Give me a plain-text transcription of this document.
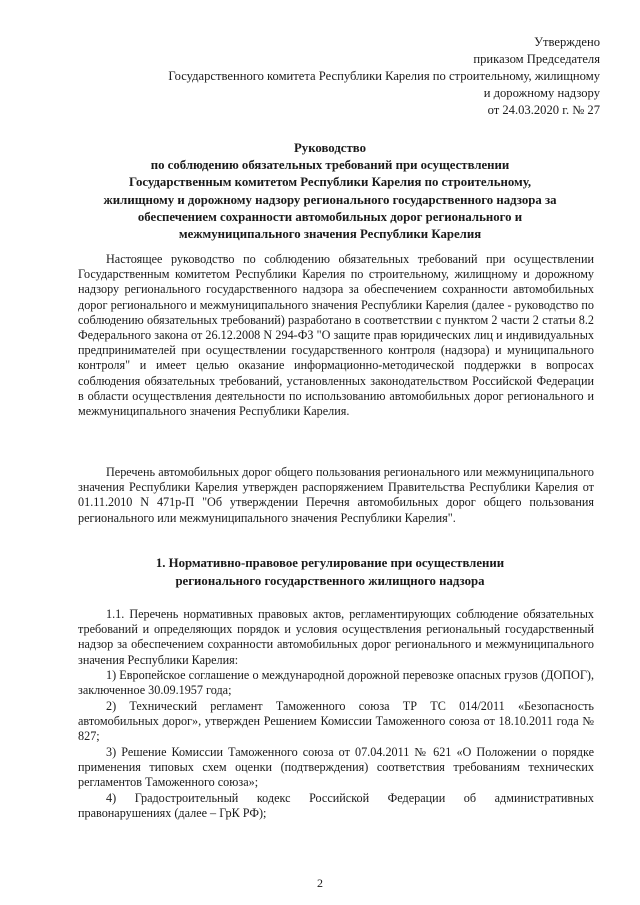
Утверждено
приказом Председателя
Государственного комитета Республики Карелия по строительному, жилищному
и дорожному надзору
от 24.03.2020 г. № 27
Руководство
по соблюдению обязательных требований при осуществлении
Государственным комитетом Республики Карелия по строительному,
жилищному и дорожному надзору регионального государственного надзора за
обеспечением сохранности автомобильных дорог регионального и
межмуниципального значения Республики Карелия

Настоящее руководство по соблюдению обязательных требований при осуществлении Государственным комитетом Республики Карелия по строительному, жилищному и дорожному надзору регионального государственного надзора за обеспечением сохранности автомобильных дорог регионального и межмуниципального значения Республики Карелия (далее - руководство по соблюдению обязательных требований) разработано в соответствии с пунктом 2 части 2 статьи 8.2 Федерального закона от 26.12.2008 N 294-ФЗ "О защите прав юридических лиц и индивидуальных предпринимателей при осуществлении государственного контроля (надзора) и муниципального контроля" и имеет целью оказание информационно-методической поддержки в вопросах соблюдения обязательных требований, установленных законодательством Российской Федерации в области осуществления деятельности по использованию автомобильных дорог регионального и межмуниципального значения Республики Карелия.

Перечень автомобильных дорог общего пользования регионального или межмуниципального значения Республики Карелия утвержден распоряжением Правительства Республики Карелия от 01.11.2010 N 471р-П "Об утверждении Перечня автомобильных дорог общего пользования регионального или межмуниципального значения Республики Карелия".

1. Нормативно-правовое регулирование при осуществлении
регионального государственного жилищного надзора

1.1. Перечень нормативных правовых актов, регламентирующих соблюдение обязательных требований и определяющих порядок и условия осуществления региональный государственный надзор за обеспечением сохранности автомобильных дорог регионального и межмуниципального значения Республики Карелия:

1) Европейское соглашение о международной дорожной перевозке опасных грузов (ДОПОГ), заключенное 30.09.1957 года;

2) Технический регламент Таможенного союза ТР ТС 014/2011 «Безопасность автомобильных дорог», утвержден Решением Комиссии Таможенного союза от 18.10.2011 года № 827;

3) Решение Комиссии Таможенного союза от 07.04.2011 № 621 «О Положении о порядке применения типовых схем оценки (подтверждения) соответствия требованиям технических регламентов Таможенного союза»;

4) Градостроительный кодекс Российской Федерации об административных правонарушениях (далее – ГрК РФ);

2
